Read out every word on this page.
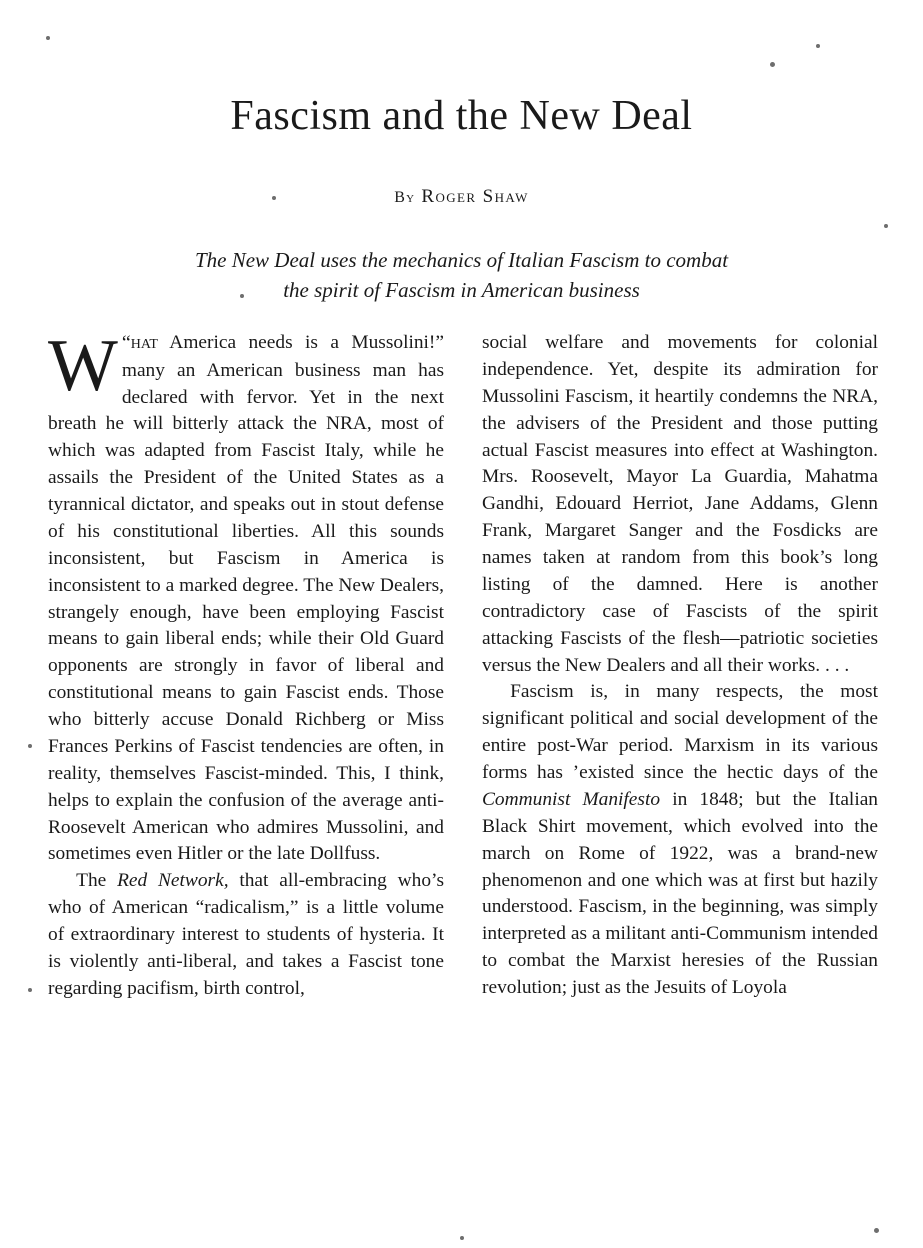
Fascism and the New Deal
By Roger Shaw
The New Deal uses the mechanics of Italian Fascism to combat
the spirit of Fascism in American business

“
W hat America needs is a Mussolini!” many an American business man has declared with fervor. Yet in the next breath he will bitterly attack the NRA, most of which was adapted from Fascist Italy, while he assails the President of the United States as a tyrannical dictator, and speaks out in stout defense of his constitutional liberties. All this sounds inconsistent, but Fascism in America is inconsistent to a marked degree. The New Dealers, strangely enough, have been employing Fascist means to gain liberal ends; while their Old Guard opponents are strongly in favor of liberal and constitutional means to gain Fascist ends. Those who bitterly accuse Donald Richberg or Miss Frances Perkins of Fascist tendencies are often, in reality, themselves Fascist-minded. This, I think, helps to explain the confusion of the average anti-Roosevelt American who admires Mussolini, and sometimes even Hitler or the late Dollfuss.

The Red Network, that all-embracing who’s who of American “radicalism,” is a little volume of extraordinary interest to students of hysteria. It is violently anti-liberal, and takes a Fascist tone regarding pacifism, birth control,

social welfare and movements for colonial independence. Yet, despite its admiration for Mussolini Fascism, it heartily condemns the NRA, the advisers of the President and those putting actual Fascist measures into effect at Washington. Mrs. Roosevelt, Mayor La Guardia, Mahatma Gandhi, Edouard Herriot, Jane Addams, Glenn Frank, Margaret Sanger and the Fosdicks are names taken at random from this book’s long listing of the damned. Here is another contradictory case of Fascists of the spirit attacking Fascists of the flesh—patriotic societies versus the New Dealers and all their works. . . .

Fascism is, in many respects, the most significant political and social development of the entire post-War period. Marxism in its various forms has ’existed since the hectic days of the Communist Manifesto in 1848; but the Italian Black Shirt movement, which evolved into the march on Rome of 1922, was a brand-new phenomenon and one which was at first but hazily understood. Fascism, in the beginning, was simply interpreted as a militant anti-Communism intended to combat the Marxist heresies of the Russian revolution; just as the Jesuits of Loyola
